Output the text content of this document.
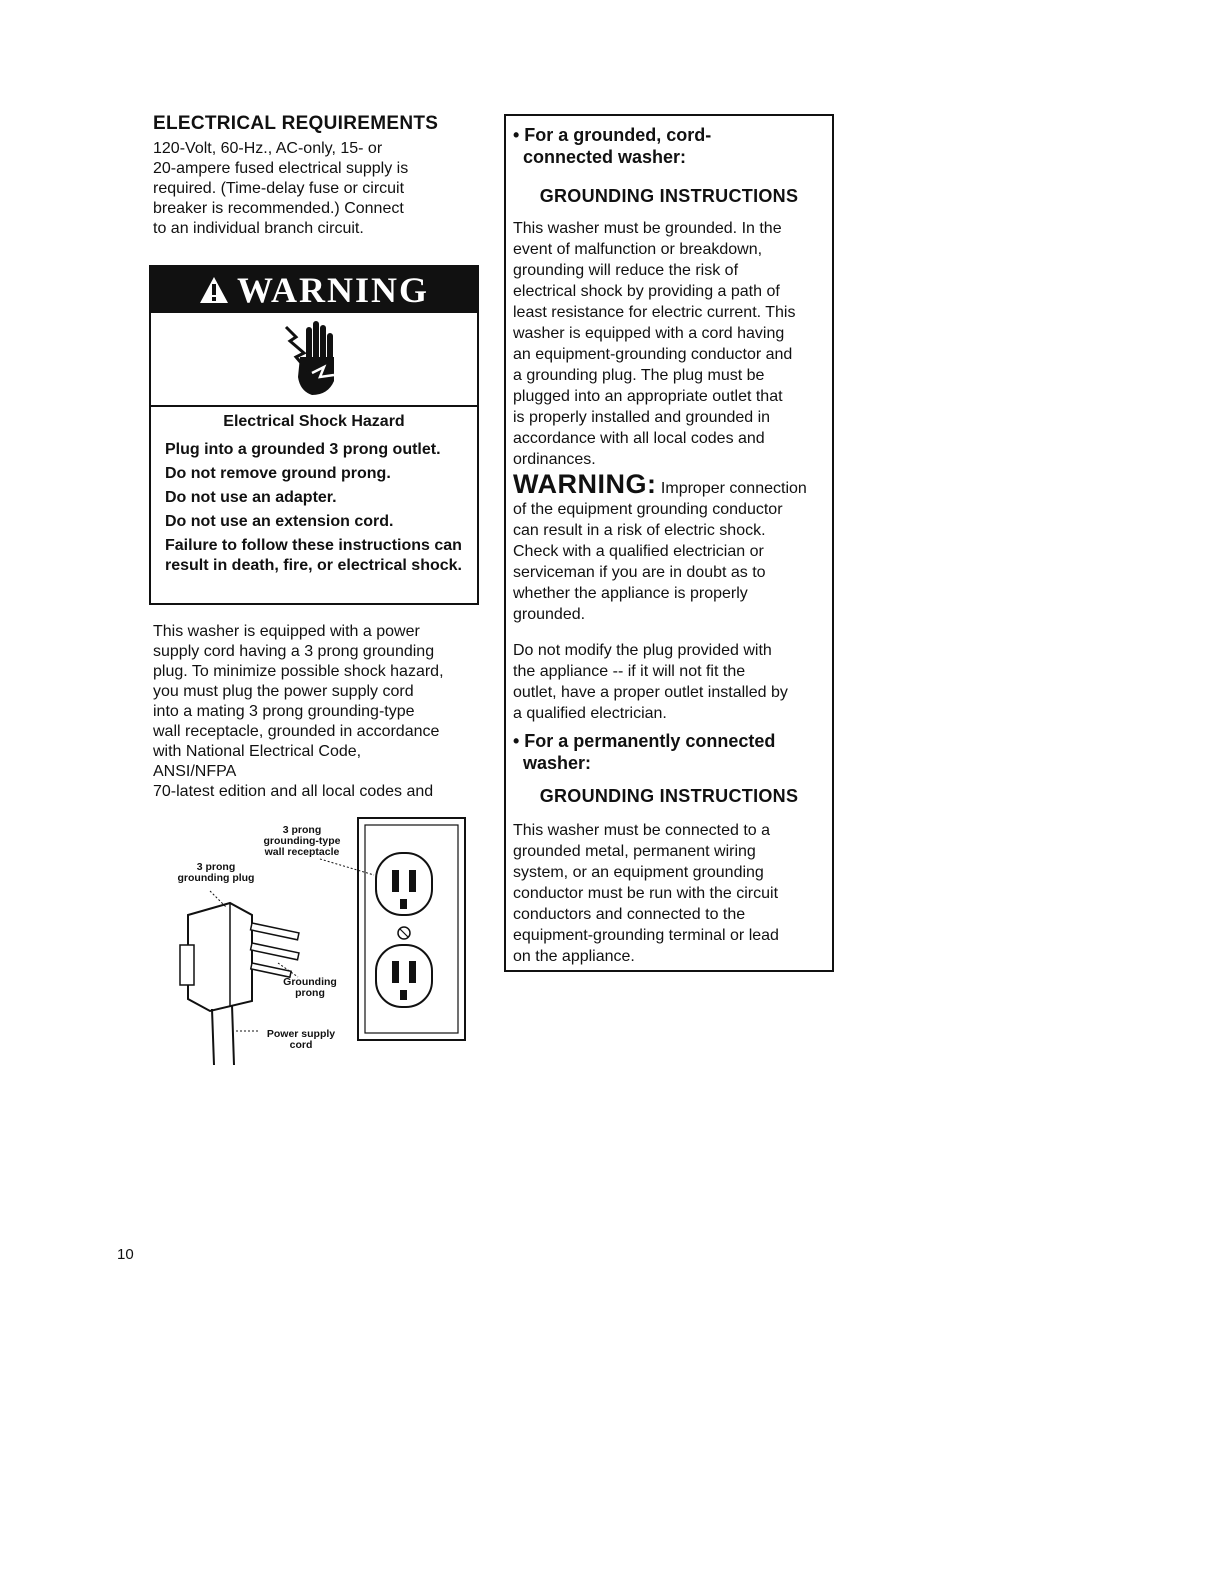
ELECTRICAL REQUIREMENTS
120-Volt, 60-Hz., AC-only, 15- or
20-ampere fused electrical supply is
required. (Time-delay fuse or circuit
breaker is recommended.) Connect
to an individual branch circuit.
WARNING
Electrical Shock Hazard
Plug into a grounded 3 prong outlet.
Do not remove ground prong.
Do not use an adapter.
Do not use an extension cord.
Failure to follow these instructions can result in death, fire, or electrical shock.
This washer is equipped with a power
supply cord having a 3 prong grounding
plug. To minimize possible shock hazard,
you must plug the power supply cord
into a mating 3 prong grounding-type
wall receptacle, grounded in accordance
with National Electrical Code,
ANSI/NFPA
70-latest edition and all local codes and
3 prong
grounding-type
wall receptacle
3 prong
grounding plug
Grounding
prong
Power supply
cord
• For a grounded, cord-
connected washer:
GROUNDING INSTRUCTIONS
This washer must be grounded. In the
event of malfunction or breakdown,
grounding will reduce the risk of
electrical shock by providing a path of
least resistance for electric current. This
washer is equipped with a cord having
an equipment-grounding conductor and
a grounding plug. The plug must be
plugged into an appropriate outlet that
is properly installed and grounded in
accordance with all local codes and
ordinances.
WARNING: Improper connection
of the equipment grounding conductor
can result in a risk of electric shock.
Check with a qualified electrician or
serviceman if you are in doubt as to
whether the appliance is properly
grounded.
Do not modify the plug provided with
the appliance -- if it will not fit the
outlet, have a proper outlet installed by
a qualified electrician.
• For a permanently connected
washer:
GROUNDING INSTRUCTIONS
This washer must be connected to a
grounded metal, permanent wiring
system, or an equipment grounding
conductor must be run with the circuit
conductors and connected to the
equipment-grounding terminal or lead
on the appliance.
10
